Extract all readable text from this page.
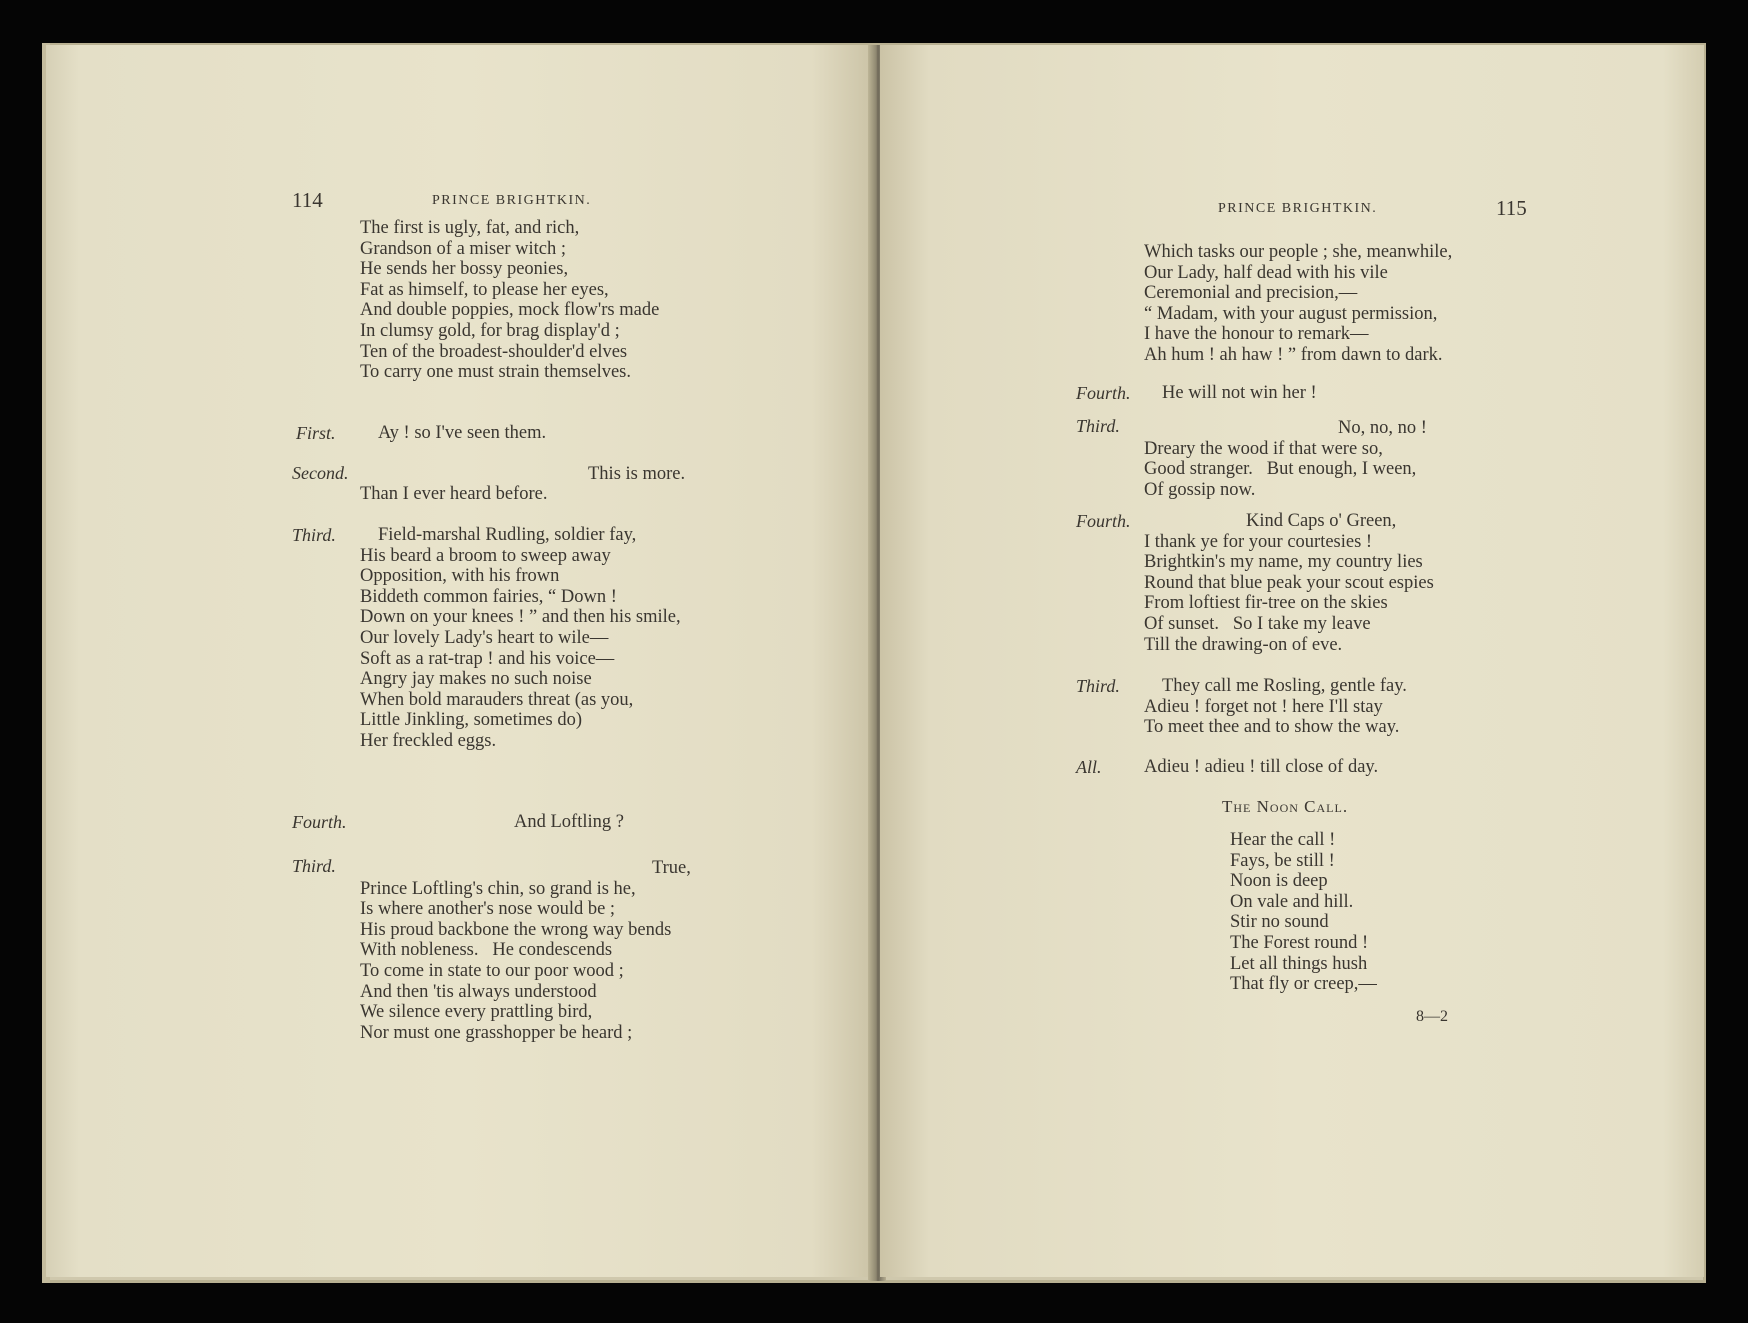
114	PRINCE BRIGHTKIN.
The first is ugly, fat, and rich,
Grandson of a miser witch ;
He sends her bossy peonies,
Fat as himself, to please her eyes,
And double poppies, mock flow'rs made
In clumsy gold, for brag display'd ;
Ten of the broadest-shoulder'd elves
To carry one must strain themselves.
First. Ay ! so I've seen them.
Second.	This is more.
Than I ever heard before.
Third.	Field-marshal Rudling, soldier fay,
His beard a broom to sweep away
Opposition, with his frown
Biddeth common fairies, “ Down !
Down on your knees ! ” and then his smile,
Our lovely Lady's heart to wile—
Soft as a rat-trap ! and his voice—
Angry jay makes no such noise
When bold marauders threat (as you,
Little Jinkling, sometimes do)
Her freckled eggs.
Fourth.	And Loftling ?
Third.	True,
Prince Loftling's chin, so grand is he,
Is where another's nose would be ;
His proud backbone the wrong way bends
With nobleness.   He condescends
To come in state to our poor wood ;
And then 'tis always understood
We silence every prattling bird,
Nor must one grasshopper be heard ;
PRINCE BRIGHTKIN.	115
Which tasks our people ; she, meanwhile,
Our Lady, half dead with his vile
Ceremonial and precision,—
“ Madam, with your august permission,
I have the honour to remark—
Ah hum ! ah haw ! ” from dawn to dark.
Fourth. He will not win her !
Third.	No, no, no !
Dreary the wood if that were so,
Good stranger.   But enough, I ween,
Of gossip now.
Fourth.	Kind Caps o' Green,
I thank ye for your courtesies !
Brightkin's my name, my country lies
Round that blue peak your scout espies
From loftiest fir-tree on the skies
Of sunset.   So I take my leave
Till the drawing-on of eve.
Third.	They call me Rosling, gentle fay.
Adieu ! forget not ! here I'll stay
To meet thee and to show the way.
All. Adieu ! adieu ! till close of day.
The Noon Call.
Hear the call !
Fays, be still !
Noon is deep
On vale and hill.
Stir no sound
The Forest round !
Let all things hush
That fly or creep,—
8—2
